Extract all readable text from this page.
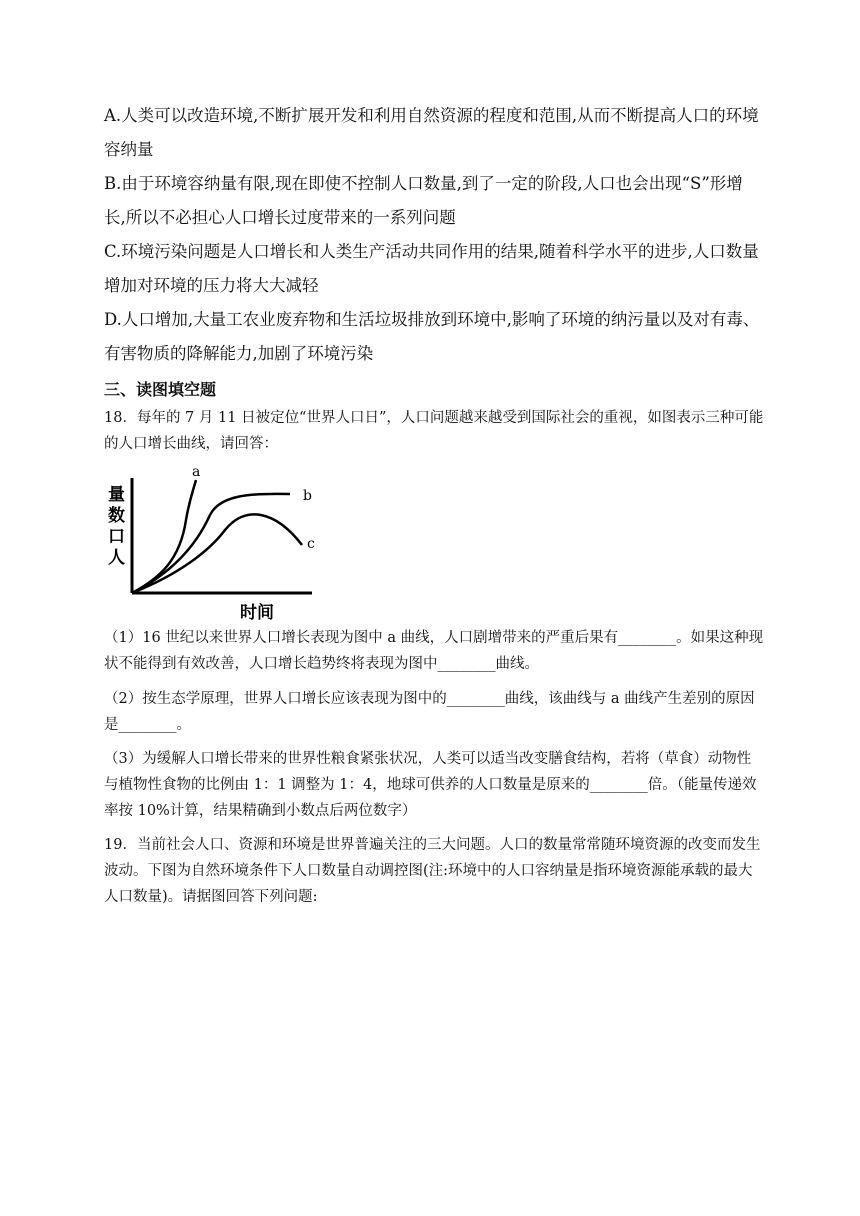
A.人类可以改造环境,不断扩展开发和利用自然资源的程度和范围,从而不断提高人口的环境容纳量

B.由于环境容纳量有限,现在即使不控制人口数量,到了一定的阶段,人口也会出现“S”形增长,所以不必担心人口增长过度带来的一系列问题

C.环境污染问题是人口增长和人类生产活动共同作用的结果,随着科学水平的进步,人口数量增加对环境的压力将大大减轻

D.人口增加,大量工农业废弃物和生活垃圾排放到环境中,影响了环境的纳污量以及对有毒、有害物质的降解能力,加剧了环境污染

三、读图填空题

18．每年的 7 月 11 日被定位“世界人口日”，人口问题越来越受到国际社会的重视，如图表示三种可能的人口增长曲线，请回答：

量
数
口
人
a
b
c
时间

（1）16 世纪以来世界人口增长表现为图中 a 曲线，人口剧增带来的严重后果有________。如果这种现状不能得到有效改善，人口增长趋势终将表现为图中________曲线。

（2）按生态学原理，世界人口增长应该表现为图中的________曲线，该曲线与 a 曲线产生差别的原因是________。

（3）为缓解人口增长带来的世界性粮食紧张状况，人类可以适当改变膳食结构，若将（草食）动物性与植物性食物的比例由 1：1 调整为 1：4，地球可供养的人口数量是原来的________倍。（能量传递效率按 10%计算，结果精确到小数点后两位数字）

19．当前社会人口、资源和环境是世界普遍关注的三大问题。人口的数量常常随环境资源的改变而发生波动。下图为自然环境条件下人口数量自动调控图(注:环境中的人口容纳量是指环境资源能承载的最大人口数量)。请据图回答下列问题:
